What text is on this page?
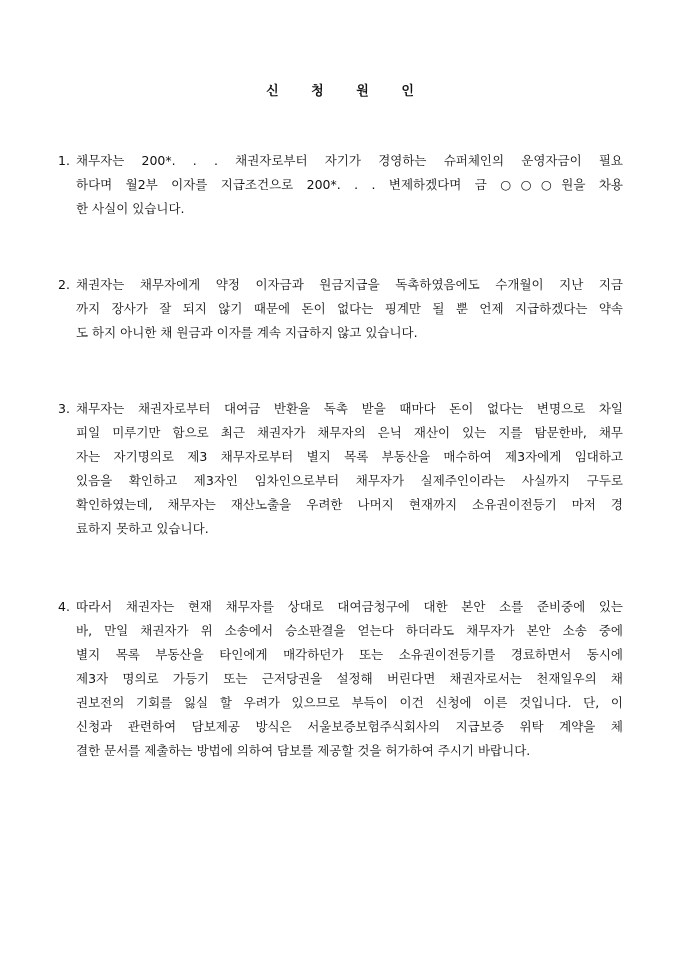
신 청 원 인
1. 채무자는 200*. . . 채권자로부터 자기가 경영하는 슈퍼체인의 운영자금이 필요
하다며 월2부 이자를 지급조건으로 200*. . . 변제하겠다며 금 ○○○원을 차용
한 사실이 있습니다.
2. 채권자는 채무자에게 약정 이자금과 원금지급을 독촉하였음에도 수개월이 지난 지금
까지 장사가 잘 되지 않기 때문에 돈이 없다는 핑계만 될 뿐 언제 지급하겠다는 약속
도 하지 아니한 채 원금과 이자를 계속 지급하지 않고 있습니다.
3. 채무자는 채권자로부터 대여금 반환을 독촉 받을 때마다 돈이 없다는 변명으로 차일
피일 미루기만 함으로 최근 채권자가 채무자의 은닉 재산이 있는 지를 탐문한바, 채무
자는 자기명의로 제3 채무자로부터 별지 목록 부동산을 매수하여 제3자에게 임대하고
있음을 확인하고 제3자인 임차인으로부터 채무자가 실제주인이라는 사실까지 구두로
확인하였는데, 채무자는 재산노출을 우려한 나머지 현재까지 소유권이전등기 마저 경
료하지 못하고 있습니다.
4. 따라서 채권자는 현재 채무자를 상대로 대여금청구에 대한 본안 소를 준비중에 있는
바, 만일 채권자가 위 소송에서 승소판결을 얻는다 하더라도 채무자가 본안 소송 중에
별지 목록 부동산을 타인에게 매각하던가 또는 소유권이전등기를 경료하면서 동시에
제3자 명의로 가등기 또는 근저당권을 설정해 버린다면 채권자로서는 천재일우의 채
권보전의 기회를 잃실 할 우려가 있으므로 부득이 이건 신청에 이른 것입니다. 단, 이
신청과 관련하여 담보제공 방식은 서울보증보험주식회사의 지급보증 위탁 계약을 체
결한 문서를 제출하는 방법에 의하여 담보를 제공할 것을 허가하여 주시기 바랍니다.
